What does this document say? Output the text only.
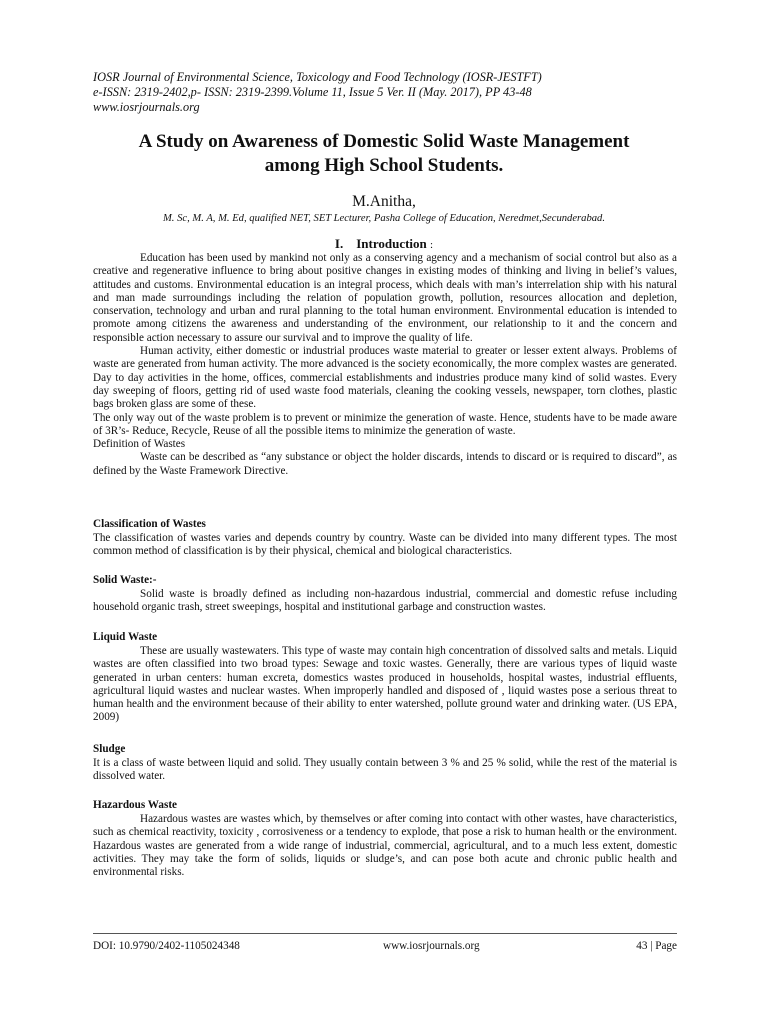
IOSR Journal of Environmental Science, Toxicology and Food Technology (IOSR-JESTFT)
e-ISSN: 2319-2402,p- ISSN: 2319-2399.Volume 11, Issue 5 Ver. II (May. 2017), PP 43-48
www.iosrjournals.org
A Study on Awareness of Domestic Solid Waste Management
among High School Students.
M.Anitha,
M. Sc, M. A, M. Ed, qualified NET, SET Lecturer, Pasha College of Education, Neredmet,Secunderabad.
I. Introduction :

Education has been used by mankind not only as a conserving agency and a mechanism of social control but also as a creative and regenerative influence to bring about positive changes in existing modes of thinking and living in belief’s values, attitudes and customs. Environmental education is an integral process, which deals with man’s interrelation ship with his natural and man made surroundings including the relation of population growth, pollution, resources allocation and depletion, conservation, technology and urban and rural planning to the total human environment. Environmental education is intended to promote among citizens the awareness and understanding of the environment, our relationship to it and the concern and responsible action necessary to assure our survival and to improve the quality of life.

Human activity, either domestic or industrial produces waste material to greater or lesser extent always. Problems of waste are generated from human activity. The more advanced is the society economically, the more complex wastes are generated. Day to day activities in the home, offices, commercial establishments and industries produce many kind of solid wastes. Every day sweeping of floors, getting rid of used waste food materials, cleaning the cooking vessels, newspaper, torn clothes, plastic bags broken glass are some of these.

The only way out of the waste problem is to prevent or minimize the generation of waste. Hence, students have to be made aware of 3R’s- Reduce, Recycle, Reuse of all the possible items to minimize the generation of waste.

Definition of Wastes

Waste can be described as “any substance or object the holder discards, intends to discard or is required to discard”, as defined by the Waste Framework Directive.

Classification of Wastes

The classification of wastes varies and depends country by country. Waste can be divided into many different types. The most common method of classification is by their physical, chemical and biological characteristics.

Solid Waste:-

Solid waste is broadly defined as including non-hazardous industrial, commercial and domestic refuse including household organic trash, street sweepings, hospital and institutional garbage and construction wastes.

Liquid Waste

These are usually wastewaters. This type of waste may contain high concentration of dissolved salts and metals. Liquid wastes are often classified into two broad types: Sewage and toxic wastes. Generally, there are various types of liquid waste generated in urban centers: human excreta, domestics wastes produced in households, hospital wastes, industrial effluents, agricultural liquid wastes and nuclear wastes. When improperly handled and disposed of , liquid wastes pose a serious threat to human health and the environment because of their ability to enter watershed, pollute ground water and drinking water. (US EPA, 2009)

Sludge

It is a class of waste between liquid and solid. They usually contain between 3 % and 25 % solid, while the rest of the material is dissolved water.

Hazardous Waste

Hazardous wastes are wastes which, by themselves or after coming into contact with other wastes, have characteristics, such as chemical reactivity, toxicity , corrosiveness or a tendency to explode, that pose a risk to human health or the environment. Hazardous wastes are generated from a wide range of industrial, commercial, agricultural, and to a much less extent, domestic activities. They may take the form of solids, liquids or sludge’s, and can pose both acute and chronic public health and environmental risks.

DOI: 10.9790/2402-1105024348	www.iosrjournals.org	43 | Page
